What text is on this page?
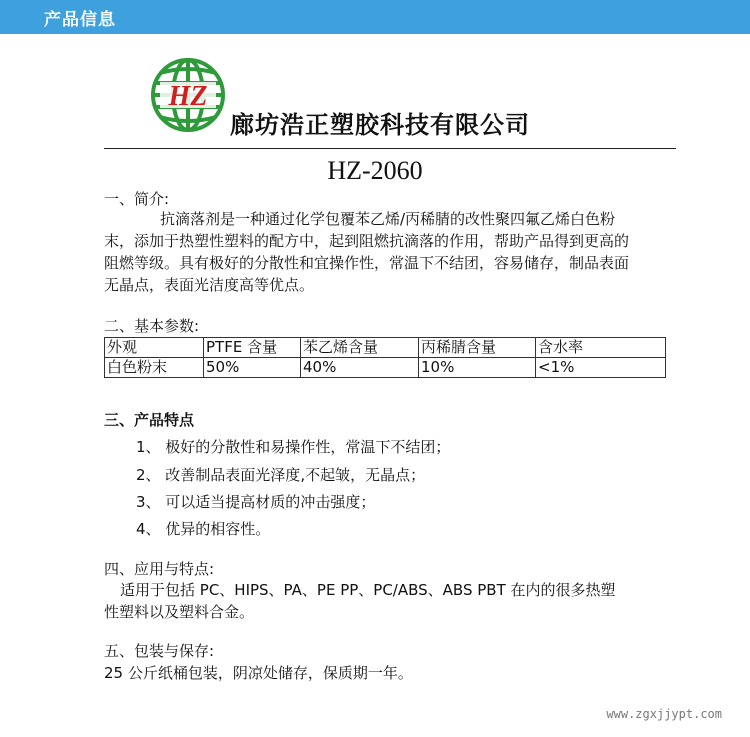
产品信息
HZ
廊坊浩正塑胶科技有限公司
HZ-2060
一、简介:
抗滴落剂是一种通过化学包覆苯乙烯/丙稀腈的改性聚四氟乙烯白色粉
末，添加于热塑性塑料的配方中，起到阻燃抗滴落的作用，帮助产品得到更高的
阻燃等级。具有极好的分散性和宜操作性，常温下不结团，容易储存，制品表面
无晶点，表面光洁度高等优点。
二、基本参数:
外观	PTFE 含量	苯乙烯含量	丙稀腈含量	含水率
白色粉末	50%	40%	10%	<1%
三、产品特点
1、 极好的分散性和易操作性，常温下不结团；
2、 改善制品表面光泽度,不起皱，无晶点；
3、 可以适当提高材质的冲击强度；
4、 优异的相容性。
四、应用与特点:
适用于包括 PC、HIPS、PA、PE PP、PC/ABS、ABS PBT 在内的很多热塑
性塑料以及塑料合金。
五、包装与保存:
25 公斤纸桶包装，阴凉处储存，保质期一年。
www.zgxjjypt.com
